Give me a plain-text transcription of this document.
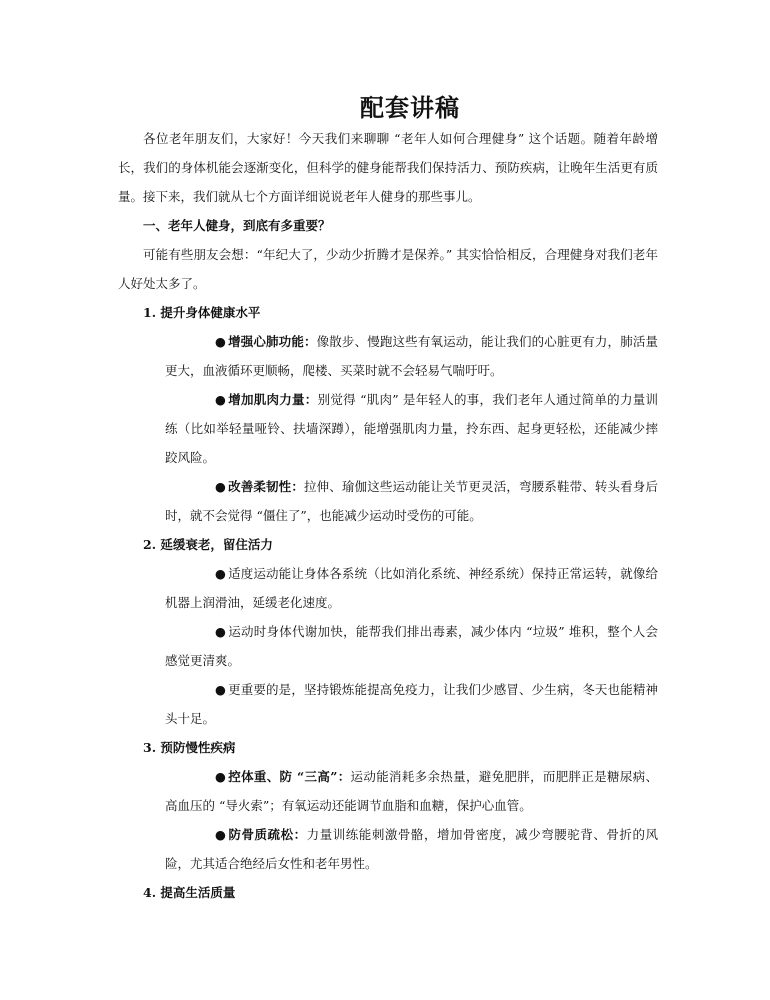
配套讲稿

各位老年朋友们，大家好！今天我们来聊聊 “老年人如何合理健身” 这个话题。随着年龄增长，我们的身体机能会逐渐变化，但科学的健身能帮我们保持活力、预防疾病，让晚年生活更有质量。接下来，我们就从七个方面详细说说老年人健身的那些事儿。

一、老年人健身，到底有多重要？

可能有些朋友会想：“年纪大了，少动少折腾才是保养。” 其实恰恰相反，合理健身对我们老年人好处太多了。

1. 提升身体健康水平

● 增强心肺功能：像散步、慢跑这些有氧运动，能让我们的心脏更有力，肺活量更大，血液循环更顺畅，爬楼、买菜时就不会轻易气喘吁吁。

● 增加肌肉力量：别觉得 “肌肉” 是年轻人的事，我们老年人通过简单的力量训练（比如举轻量哑铃、扶墙深蹲），能增强肌肉力量，拎东西、起身更轻松，还能减少摔跤风险。

● 改善柔韧性：拉伸、瑜伽这些运动能让关节更灵活，弯腰系鞋带、转头看身后时，就不会觉得 “僵住了”，也能减少运动时受伤的可能。

2. 延缓衰老，留住活力

● 适度运动能让身体各系统（比如消化系统、神经系统）保持正常运转，就像给机器上润滑油，延缓老化速度。

● 运动时身体代谢加快，能帮我们排出毒素，减少体内 “垃圾” 堆积，整个人会感觉更清爽。

● 更重要的是，坚持锻炼能提高免疫力，让我们少感冒、少生病，冬天也能精神头十足。

3. 预防慢性疾病

● 控体重、防 “三高”：运动能消耗多余热量，避免肥胖，而肥胖正是糖尿病、高血压的 “导火索”；有氧运动还能调节血脂和血糖，保护心血管。

● 防骨质疏松：力量训练能刺激骨骼，增加骨密度，减少弯腰驼背、骨折的风险，尤其适合绝经后女性和老年男性。

4. 提高生活质量
